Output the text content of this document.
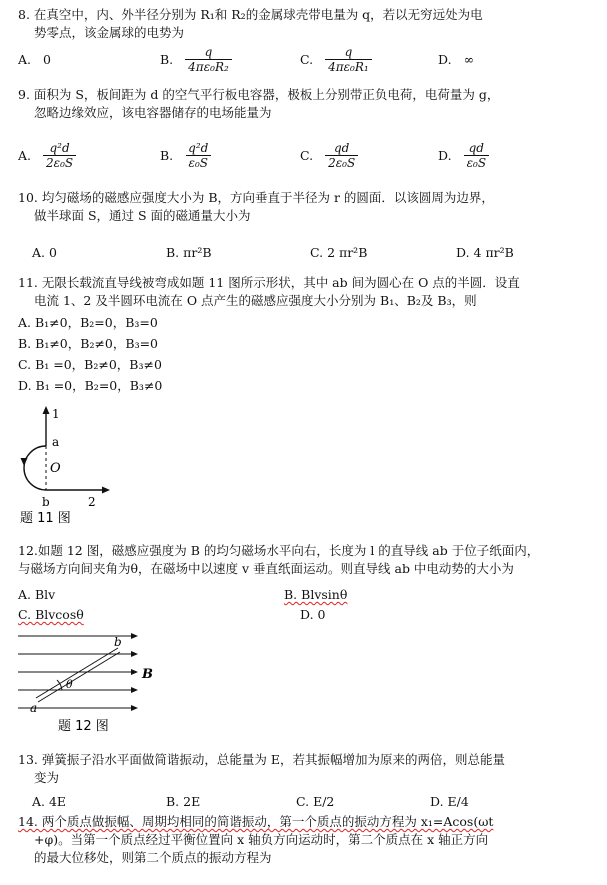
8. 在真空中，内、外半径分别为 R₁和 R₂的金属球壳带电量为 q，若以无穷远处为电
势零点，该金属球的电势为
A. 0	B. $\frac{q}{\text{4πε₀R₂}}$	C. $\frac{q}{\text{4πε₀R₁}}$	D. ∞
9. 面积为 S，板间距为 d 的空气平行板电容器，极板上分别带正负电荷，电荷量为 g，
忽略边缘效应，该电容器储存的电场能量为
A. $\frac{\text{q²d}}{\text{2ε₀S}}$	B. $\frac{\text{q²d}}{\text{ε₀S}}$	C. $\frac{qd}{\text{2ε₀S}}$	D. $\frac{qd}{\text{ε₀S}}$
10. 均匀磁场的磁感应强度大小为 B，方向垂直于半径为 r 的圆面．以该圆周为边界，
做半球面 S，通过 S 面的磁通量大小为
A. 0	B. πr²B	C. 2 πr²B	D. 4 πr²B
11. 无限长载流直导线被弯成如题 11 图所示形状，其中 ab 间为圆心在 O 点的半圆．设直
电流 1、2 及半圆环电流在 O 点产生的磁感应强度大小分别为 B₁、B₂及 B₃，则
A. B₁≠0，B₂=0，B₃=0
B. B₁≠0，B₂≠0，B₃=0
C. B₁ =0，B₂≠0，B₃≠0
D. B₁ =0，B₂=0，B₃≠0
1
a
O
b	2
题 11 图
12.如题 12 图，磁感应强度为 B 的均匀磁场水平向右，长度为 l 的直导线 ab 于位子纸面内，
与磁场方向间夹角为θ，在磁场中以速度 v 垂直纸面运动。则直导线 ab 中电动势的大小为
A. Blv	B. Blvsinθ
C. Blvcosθ	D. 0
θ
b
a
B
题 12 图
13. 弹簧振子沿水平面做简谐振动，总能量为 E，若其振幅增加为原来的两倍，则总能量
变为
A. 4E	B. 2E	C. E/2	D. E/4
14. 两个质点做振幅、周期均相同的简谐振动，第一个质点的振动方程为 x₁=Acos(ωt
+φ)。当第一个质点经过平衡位置向 x 轴负方向运动时，第二个质点在 x 轴正方向
的最大位移处，则第二个质点的振动方程为
